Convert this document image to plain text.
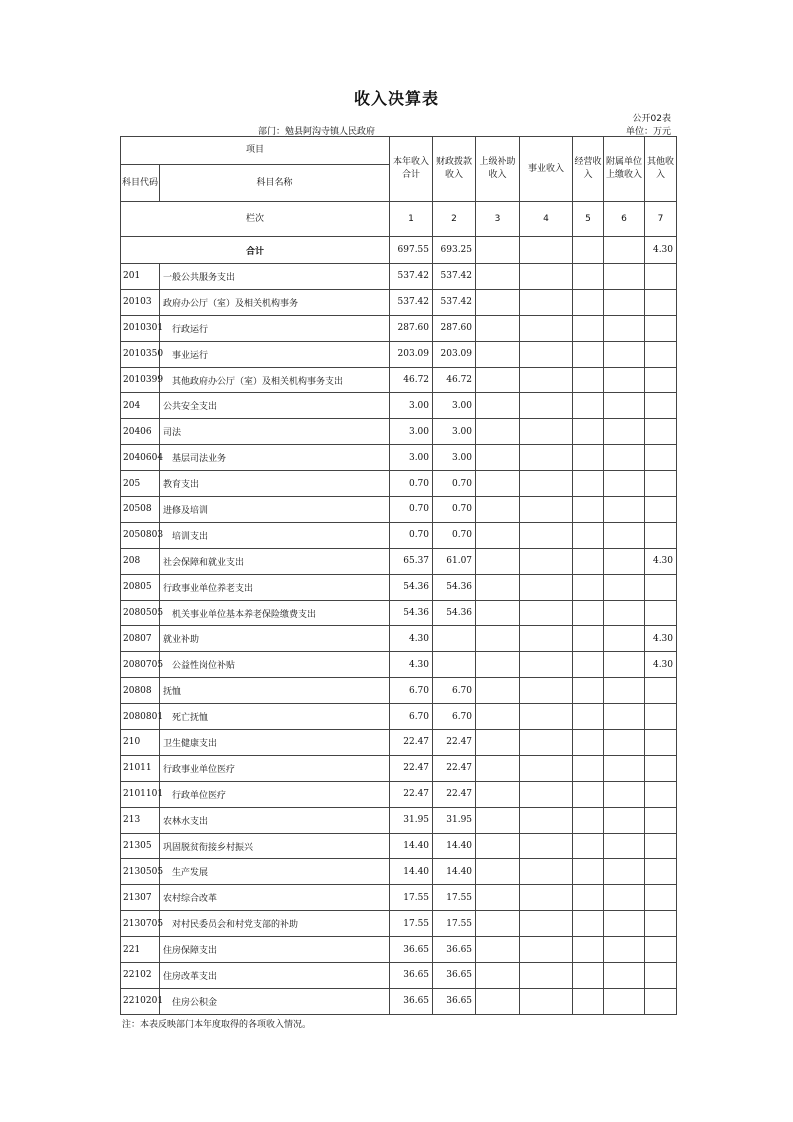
收入决算表
公开02表
部门：勉县阿沟寺镇人民政府	单位：万元
项目		本年收入合计	财政拨款收入	上级补助收入	事业收入	经营收入	附属单位上缴收入	其他收入
科目代码	科目名称							
栏次		1	2	3	4	5	6	7
合计		697.55	693.25					4.30
201	一般公共服务支出	537.42	537.42					
20103	政府办公厅（室）及相关机构事务	537.42	537.42					
2010301	行政运行	287.60	287.60					
2010350	事业运行	203.09	203.09					
2010399	其他政府办公厅（室）及相关机构事务支出	46.72	46.72					
204	公共安全支出	3.00	3.00					
20406	司法	3.00	3.00					
2040604	基层司法业务	3.00	3.00					
205	教育支出	0.70	0.70					
20508	进修及培训	0.70	0.70					
2050803	培训支出	0.70	0.70					
208	社会保障和就业支出	65.37	61.07					4.30
20805	行政事业单位养老支出	54.36	54.36					
2080505	机关事业单位基本养老保险缴费支出	54.36	54.36					
20807	就业补助	4.30						4.30
2080705	公益性岗位补贴	4.30						4.30
20808	抚恤	6.70	6.70					
2080801	死亡抚恤	6.70	6.70					
210	卫生健康支出	22.47	22.47					
21011	行政事业单位医疗	22.47	22.47					
2101101	行政单位医疗	22.47	22.47					
213	农林水支出	31.95	31.95					
21305	巩固脱贫衔接乡村振兴	14.40	14.40					
2130505	生产发展	14.40	14.40					
21307	农村综合改革	17.55	17.55					
2130705	对村民委员会和村党支部的补助	17.55	17.55					
221	住房保障支出	36.65	36.65					
22102	住房改革支出	36.65	36.65					
2210201	住房公积金	36.65	36.65					
注：本表反映部门本年度取得的各项收入情况。
